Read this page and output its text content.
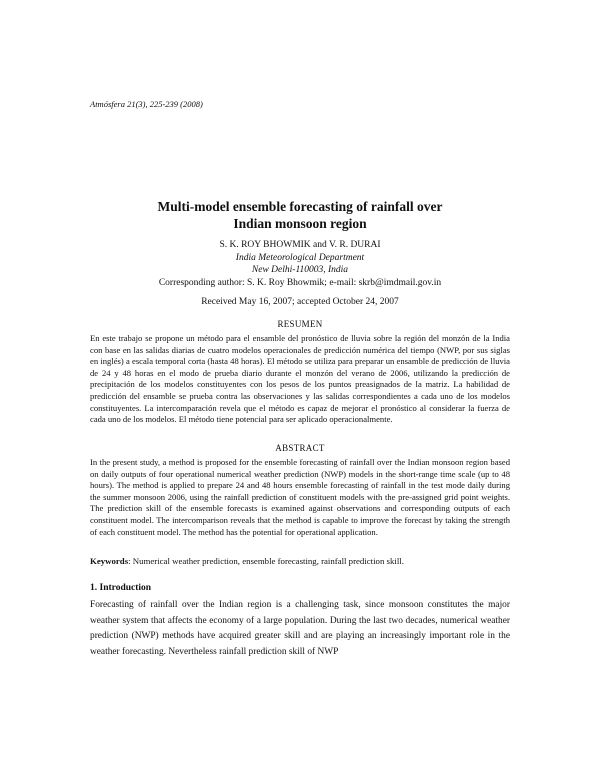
Atmósfera 21(3), 225-239 (2008)
Multi-model ensemble forecasting of rainfall over
Indian monsoon region
S. K. ROY BHOWMIK and V. R. DURAI
India Meteorological Department
New Delhi-110003, India
Corresponding author: S. K. Roy Bhowmik; e-mail: skrb@imdmail.gov.in
Received May 16, 2007; accepted October 24, 2007
RESUMEN
En este trabajo se propone un método para el ensamble del pronóstico de lluvia sobre la región del monzón de la India con base en las salidas diarias de cuatro modelos operacionales de predicción numérica del tiempo (NWP, por sus siglas en inglés) a escala temporal corta (hasta 48 horas). El método se utiliza para preparar un ensamble de predicción de lluvia de 24 y 48 horas en el modo de prueba diario durante el monzón del verano de 2006, utilizando la predicción de precipitación de los modelos constituyentes con los pesos de los puntos preasignados de la matriz. La habilidad de predicción del ensamble se prueba contra las observaciones y las salidas correspondientes a cada uno de los modelos constituyentes. La intercomparación revela que el método es capaz de mejorar el pronóstico al considerar la fuerza de cada uno de los modelos. El método tiene potencial para ser aplicado operacionalmente.
ABSTRACT
In the present study, a method is proposed for the ensemble forecasting of rainfall over the Indian monsoon region based on daily outputs of four operational numerical weather prediction (NWP) models in the short-range time scale (up to 48 hours). The method is applied to prepare 24 and 48 hours ensemble forecasting of rainfall in the test mode daily during the summer monsoon 2006, using the rainfall prediction of constituent models with the pre-assigned grid point weights. The prediction skill of the ensemble forecasts is examined against observations and corresponding outputs of each constituent model. The intercomparison reveals that the method is capable to improve the forecast by taking the strength of each constituent model. The method has the potential for operational application.
Keywords: Numerical weather prediction, ensemble forecasting, rainfall prediction skill.
1. Introduction
Forecasting of rainfall over the Indian region is a challenging task, since monsoon constitutes the major weather system that affects the economy of a large population. During the last two decades, numerical weather prediction (NWP) methods have acquired greater skill and are playing an increasingly important role in the weather forecasting. Nevertheless rainfall prediction skill of NWP
